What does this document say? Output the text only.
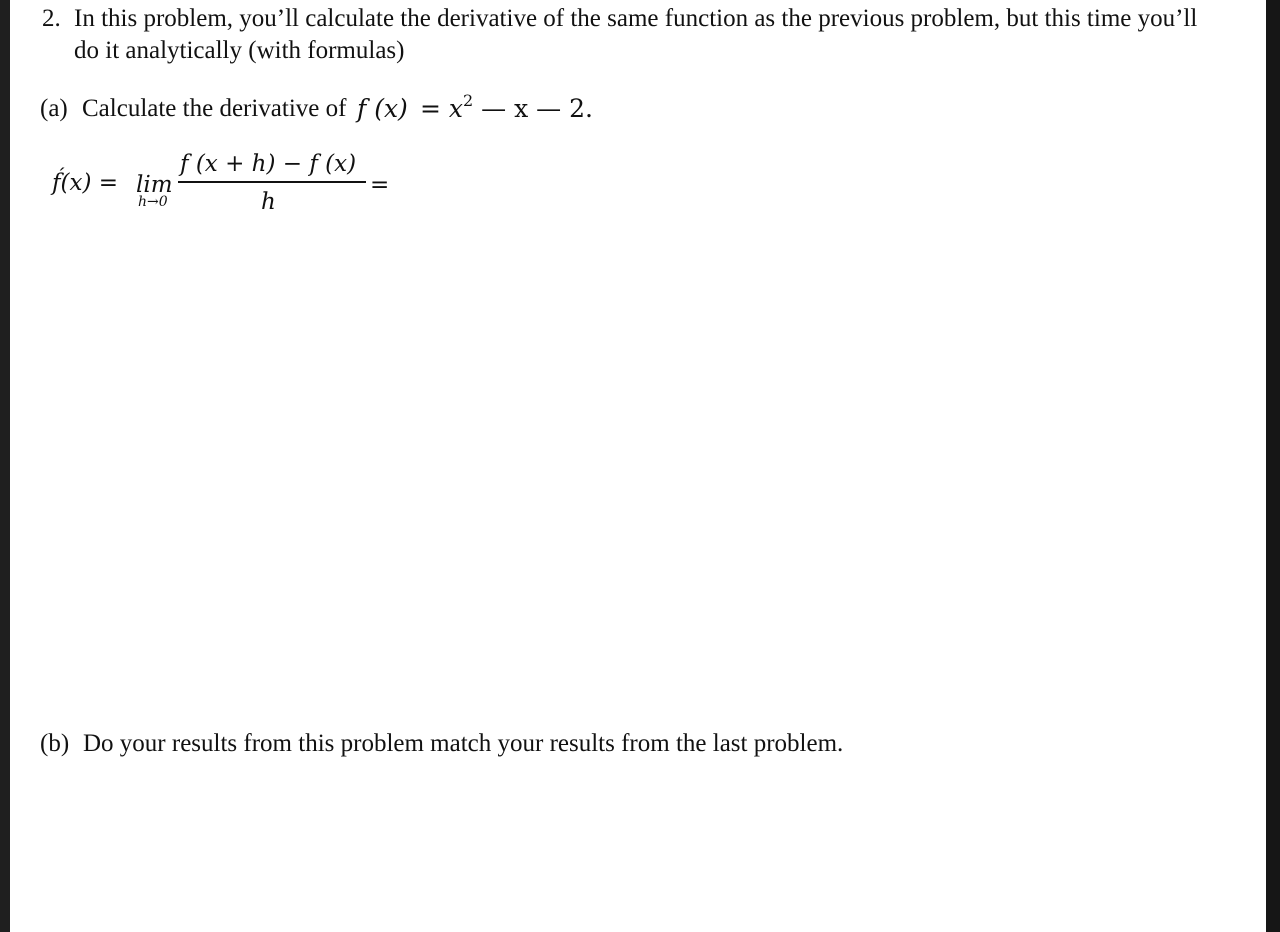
2. In this problem, you’ll calculate the derivative of the same function as the previous problem, but this time you’ll
do it analytically (with formulas)
(a) Calculate the derivative of f $(x) = x^2$ — x — 2.
f́(x) = lim
h→0
f (x + h) − f (x)
h
=
(b) Do your results from this problem match your results from the last problem.
